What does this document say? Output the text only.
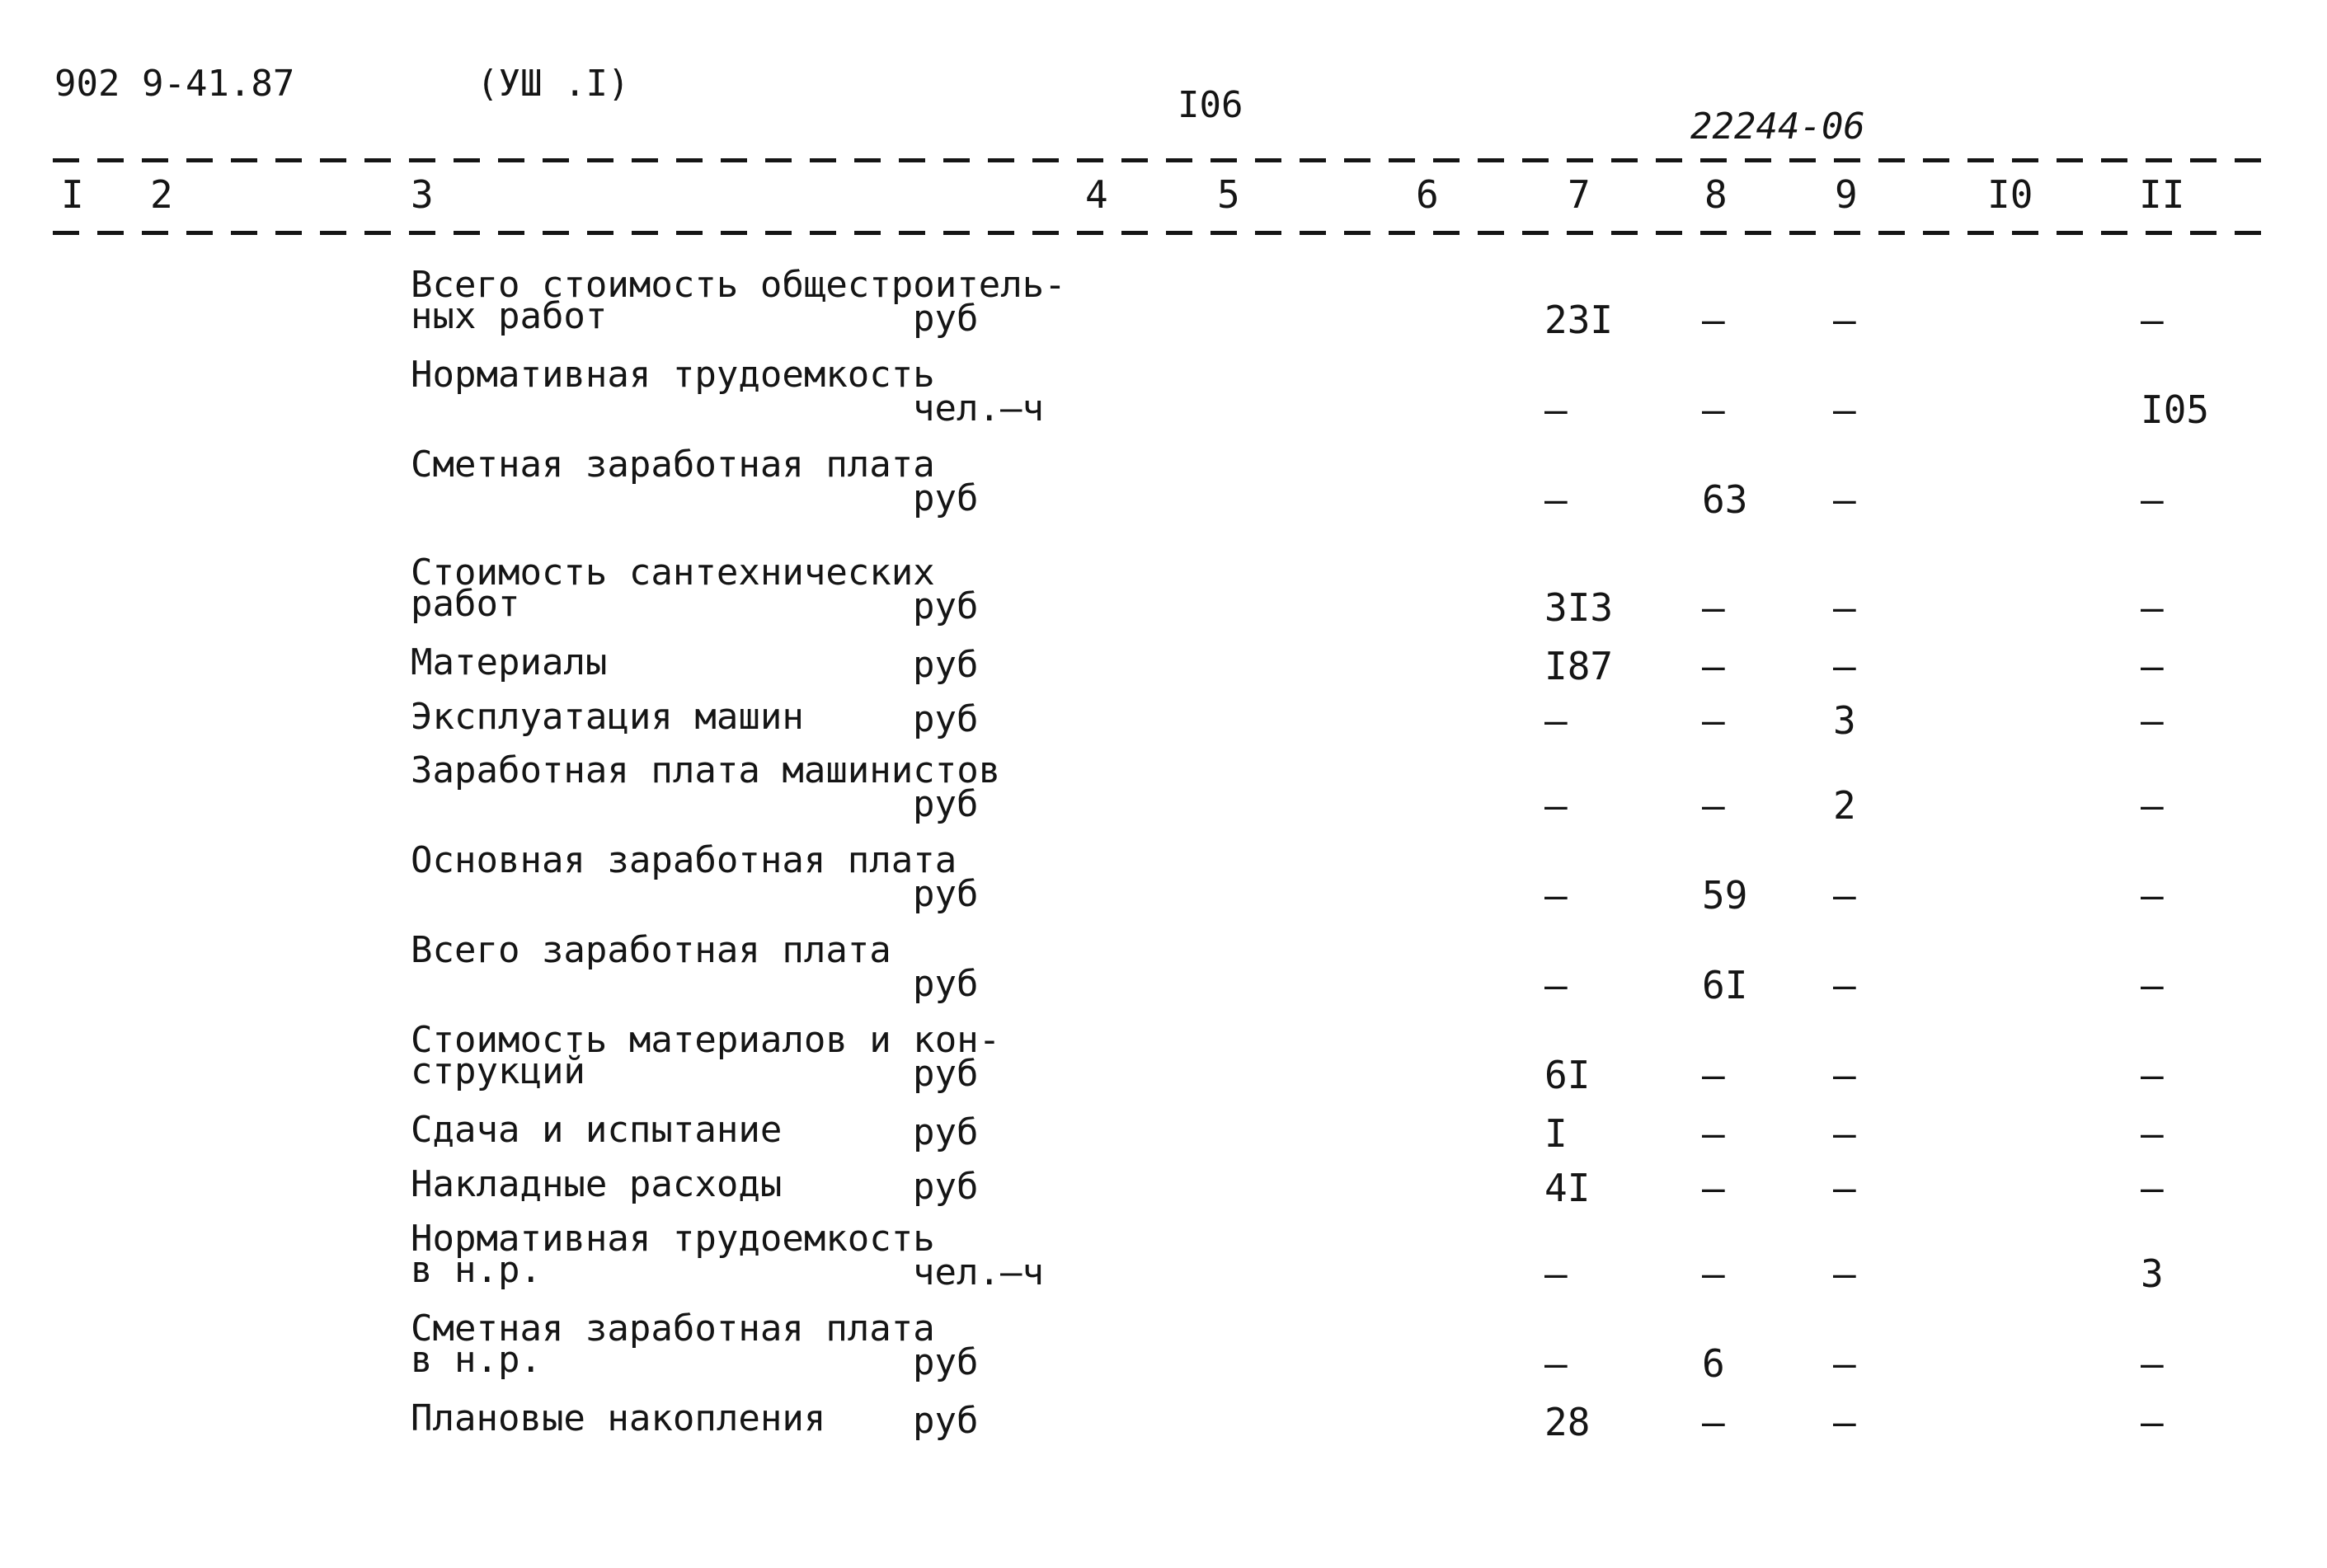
902 9-41.87	(УШ .I)
I06
22244-06
I 2	3	4	5	6	7	8	9	I0	II
Всего стоимость общестроитель-
ных работ	руб	23I –	–	–
Нормативная трудоемкость
чел.–ч	–	–	–	I05
Сметная заработная плата
руб	–	63 –	–
Стоимость сантехнических
работ	руб	3I3 –	–	–
Материалы	руб	I87 –	–	–
Эксплуатация машин	руб	–	–	3	–
Заработная плата машинистов
руб	–	–	2	–
Основная заработная плата
руб	–	59 –	–
Всего заработная плата
руб	–	6I –	–
Стоимость материалов и кон-
струкций	руб	6I	–	–	–
Сдача и испытание	руб	I	–	–	–
Накладные расходы	руб	4I	–	–	–
Нормативная трудоемкость
в н.р.	чел.–ч	–	–	–	3
Сметная заработная плата
в н.р.	руб	–	6	–	–
Плановые накопления руб	28	–	–	–
